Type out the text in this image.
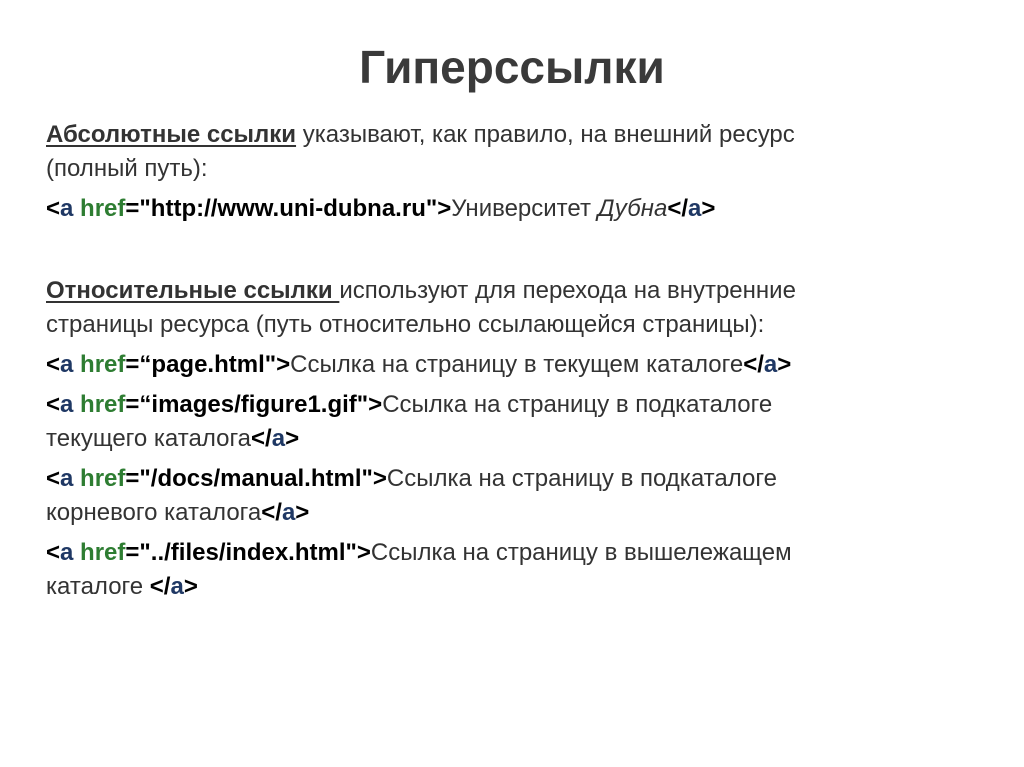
Гиперссылки
Абсолютные ссылки указывают, как правило, на внешний ресурс
(полный путь):
<a href="http://www.uni-dubna.ru">Университет Дубна</a>
Относительные ссылки используют для перехода на внутренние
страницы ресурса (путь относительно ссылающейся страницы):
<a href=“page.html">Ссылка на страницу в текущем каталоге</a>
<a href=“images/figure1.gif">Ссылка на страницу в подкаталоге
текущего каталога</a>
<a href="/docs/manual.html">Ссылка на страницу в подкаталоге
корневого каталога</a>
<a href="../files/index.html">Ссылка на страницу в вышележащем
каталоге </a>
